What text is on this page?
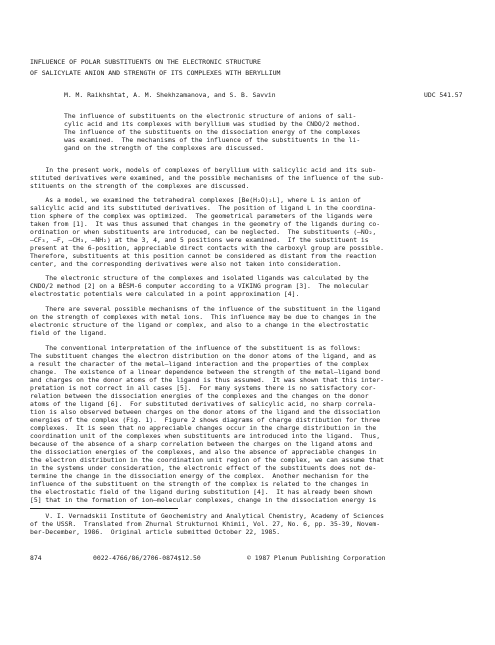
INFLUENCE OF POLAR SUBSTITUENTS ON THE ELECTRONIC STRUCTURE
OF SALICYLATE ANION AND STRENGTH OF ITS COMPLEXES WITH BERYLLIUM
M. M. Raikhshtat, A. M. Shekhzamanova, and S. B. Savvin	UDC 541.57
The influence of substituents on the electronic structure of anions of sali-
cylic acid and its complexes with beryllium was studied by the CNDO/2 method.
The influence of the substituents on the dissociation energy of the complexes
was examined.  The mechanisms of the influence of the substituents in the li-
gand on the strength of the complexes are discussed.
In the present work, models of complexes of beryllium with salicylic acid and its sub-
stituted derivatives were examined, and the possible mechanisms of the influence of the sub-
stituents on the strength of the complexes are discussed.
As a model, we examined the tetrahedral complexes [Be(H₂O)₂L], where L is anion of
salicylic acid and its substituted derivatives.  The position of ligand L in the coordina-
tion sphere of the complex was optimized.  The geometrical parameters of the ligands were
taken from [1].  It was thus assumed that changes in the geometry of the ligands during co-
ordination or when substituents are introduced, can be neglected.  The substituents (—NO₂,
—CF₃, —F, —CH₃, —NH₂) at the 3, 4, and 5 positions were examined.  If the substituent is
present at the 6-position, appreciable direct contacts with the carboxyl group are possible.
Therefore, substituents at this position cannot be considered as distant from the reaction
center, and the corresponding derivatives were also not taken into consideration.
The electronic structure of the complexes and isolated ligands was calculated by the
CNDO/2 method [2] on a BÉSM-6 computer according to a VIKING program [3].  The molecular
electrostatic potentials were calculated in a point approximation [4].
There are several possible mechanisms of the influence of the substituent in the ligand
on the strength of complexes with metal ions.  This influence may be due to changes in the
electronic structure of the ligand or complex, and also to a change in the electrostatic
field of the ligand.
The conventional interpretation of the influence of the substituent is as follows:
The substituent changes the electron distribution on the donor atoms of the ligand, and as
a result the character of the metal—ligand interaction and the properties of the complex
change.  The existence of a linear dependence between the strength of the metal—ligand bond
and charges on the donor atoms of the ligand is thus assumed.  It was shown that this inter-
pretation is not correct in all cases [5].  For many systems there is no satisfactory cor-
relation between the dissociation energies of the complexes and the changes on the donor
atoms of the ligand [6].  For substituted derivatives of salicylic acid, no sharp correla-
tion is also observed between charges on the donor atoms of the ligand and the dissociation
energies of the complex (Fig. 1).  Figure 2 shows diagrams of charge distribution for three
complexes.  It is seen that no appreciable changes occur in the charge distribution in the
coordination unit of the complexes when substituents are introduced into the ligand.  Thus,
because of the absence of a sharp correlation between the charges on the ligand atoms and
the dissociation energies of the complexes, and also the absence of appreciable changes in
the electron distribution in the coordination unit region of the complex, we can assume that
in the systems under consideration, the electronic effect of the substituents does not de-
termine the change in the dissociation energy of the complex.  Another mechanism for the
influence of the substituent on the strength of the complex is related to the changes in
the electrostatic field of the ligand during substitution [4].  It has already been shown
[5] that in the formation of ion—molecular complexes, change in the dissociation energy is
V. I. Vernadskii Institute of Geochemistry and Analytical Chemistry, Academy of Sciences
of the USSR.  Translated from Zhurnal Strukturnoi Khimii, Vol. 27, No. 6, pp. 35-39, Novem-
ber-December, 1986.  Original article submitted October 22, 1985.
874	0022-4766/86/2706-0874$12.50	© 1987 Plenum Publishing Corporation
